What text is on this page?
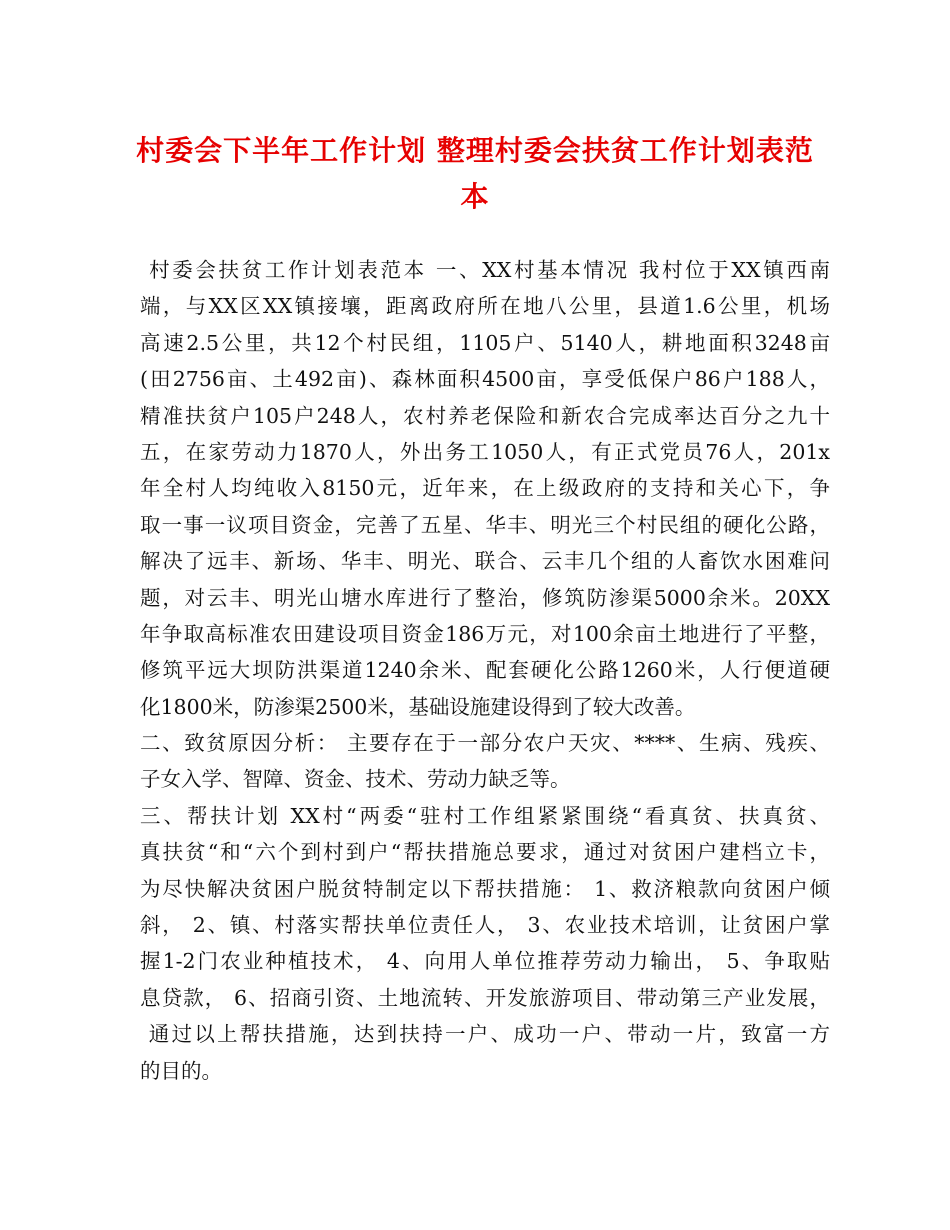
村委会下半年工作计划 整理村委会扶贫工作计划表范
本
村委会扶贫工作计划表范本 一、XX村基本情况 我村位于XX镇西南
端，与XX区XX镇接壤，距离政府所在地八公里，县道1.6公里，机场
高速2.5公里，共12个村民组，1105户、5140人，耕地面积3248亩
(田2756亩、土492亩)、森林面积4500亩，享受低保户86户188人，
精准扶贫户105户248人，农村养老保险和新农合完成率达百分之九十
五，在家劳动力1870人，外出务工1050人，有正式党员76人，201x
年全村人均纯收入8150元，近年来，在上级政府的支持和关心下，争
取一事一议项目资金，完善了五星、华丰、明光三个村民组的硬化公路，
解决了远丰、新场、华丰、明光、联合、云丰几个组的人畜饮水困难问
题，对云丰、明光山塘水库进行了整治，修筑防渗渠5000余米。20XX
年争取高标准农田建设项目资金186万元，对100余亩土地进行了平整，
修筑平远大坝防洪渠道1240余米、配套硬化公路1260米，人行便道硬
化1800米，防渗渠2500米，基础设施建设得到了较大改善。
二、致贫原因分析： 主要存在于一部分农户天灾、****、生病、残疾、
子女入学、智障、资金、技术、劳动力缺乏等。
三、帮扶计划 XX村“两委“驻村工作组紧紧围绕“看真贫、扶真贫、
真扶贫“和“六个到村到户“帮扶措施总要求，通过对贫困户建档立卡，
为尽快解决贫困户脱贫特制定以下帮扶措施： 1、救济粮款向贫困户倾
斜， 2、镇、村落实帮扶单位责任人， 3、农业技术培训，让贫困户掌
握1-2门农业种植技术， 4、向用人单位推荐劳动力输出， 5、争取贴
息贷款， 6、招商引资、土地流转、开发旅游项目、带动第三产业发展，
通过以上帮扶措施，达到扶持一户、成功一户、带动一片，致富一方
的目的。
